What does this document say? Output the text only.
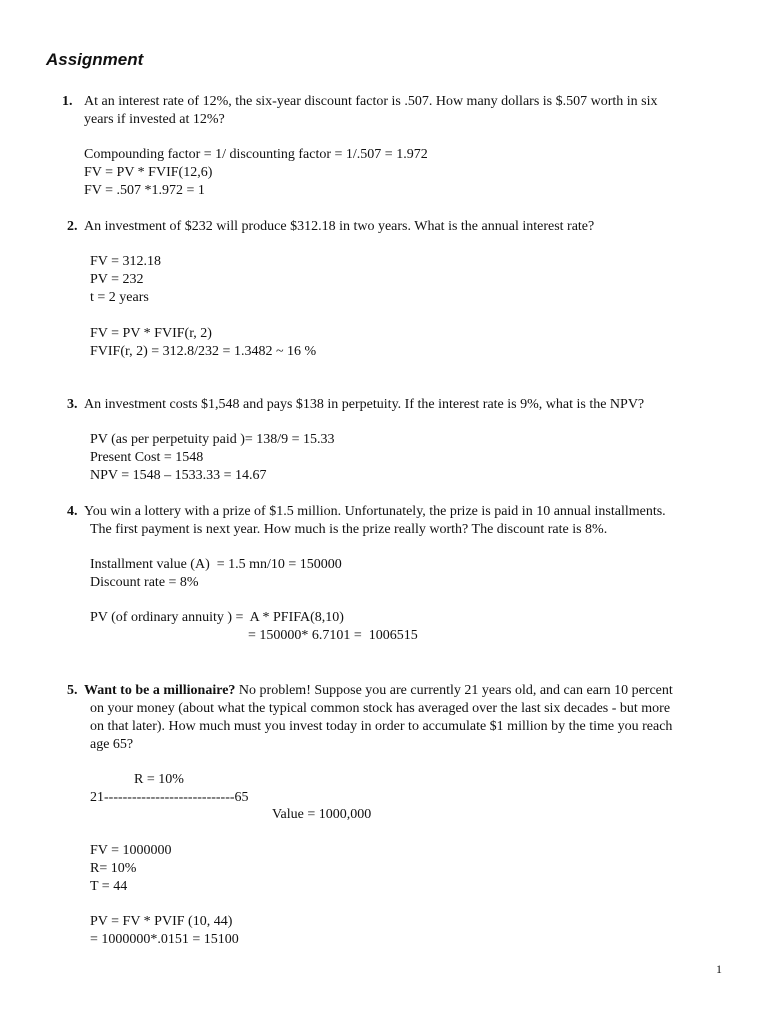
Assignment
1. At an interest rate of 12%, the six-year discount factor is .507. How many dollars is $.507 worth in six
years if invested at 12%?
Compounding factor = 1/ discounting factor = 1/.507 = 1.972
FV = PV * FVIF(12,6)
FV = .507 *1.972 = 1
2. An investment of $232 will produce $312.18 in two years. What is the annual interest rate?
FV = 312.18
PV = 232
t = 2 years
FV = PV * FVIF(r, 2)
FVIF(r, 2) = 312.8/232 = 1.3482 ~ 16 %
3. An investment costs $1,548 and pays $138 in perpetuity. If the interest rate is 9%, what is the NPV?
PV (as per perpetuity paid )= 138/9 = 15.33
Present Cost = 1548
NPV = 1548 – 1533.33 = 14.67
4. You win a lottery with a prize of $1.5 million. Unfortunately, the prize is paid in 10 annual installments.
The first payment is next year. How much is the prize really worth? The discount rate is 8%.
Installment value (A)  = 1.5 mn/10 = 150000
Discount rate = 8%
PV (of ordinary annuity ) =  A * PFIFA(8,10)
= 150000* 6.7101 =  1006515
5. Want to be a millionaire? No problem! Suppose you are currently 21 years old, and can earn 10 percent
on your money (about what the typical common stock has averaged over the last six decades - but more
on that later). How much must you invest today in order to accumulate $1 million by the time you reach
age 65?
R = 10%
21----------------------------65
Value = 1000,000
FV = 1000000
R= 10%
T = 44
PV = FV * PVIF (10, 44)
= 1000000*.0151 = 15100
1
